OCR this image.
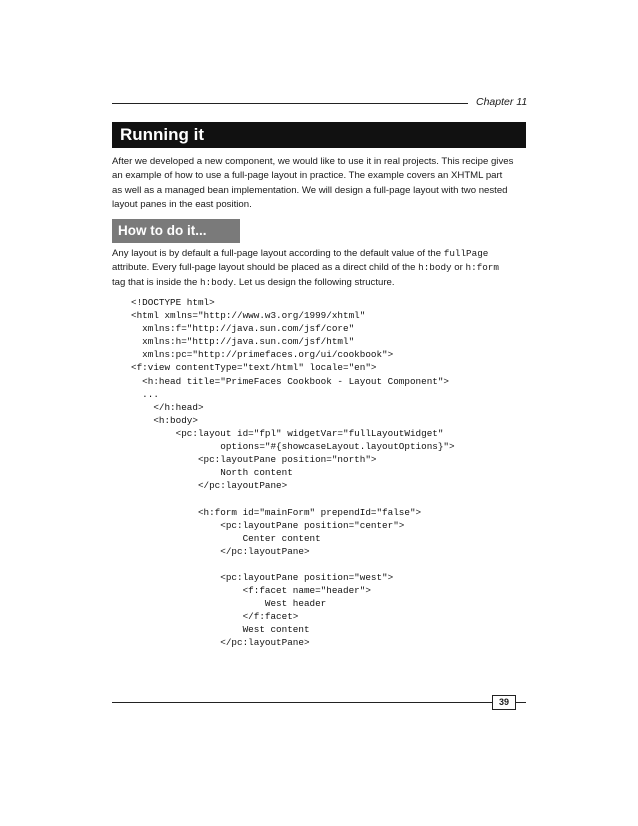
Chapter 11
Running it
After we developed a new component, we would like to use it in real projects. This recipe gives
an example of how to use a full-page layout in practice. The example covers an XHTML part
as well as a managed bean implementation. We will design a full-page layout with two nested
layout panes in the east position.
How to do it...
Any layout is by default a full-page layout according to the default value of the fullPage
attribute. Every full-page layout should be placed as a direct child of the h:body or h:form
tag that is inside the h:body. Let us design the following structure.
<!DOCTYPE html>
<html xmlns="http://www.w3.org/1999/xhtml"
xmlns:f="http://java.sun.com/jsf/core"
xmlns:h="http://java.sun.com/jsf/html"
xmlns:pc="http://primefaces.org/ui/cookbook">
<f:view contentType="text/html" locale="en">
<h:head title="PrimeFaces Cookbook - Layout Component">
...
</h:head>
<h:body>
<pc:layout id="fpl" widgetVar="fullLayoutWidget"
options="#{showcaseLayout.layoutOptions}">
<pc:layoutPane position="north">
North content
</pc:layoutPane>
<h:form id="mainForm" prependId="false">
<pc:layoutPane position="center">
Center content
</pc:layoutPane>
<pc:layoutPane position="west">
<f:facet name="header">
West header
</f:facet>
West content
</pc:layoutPane>
39
